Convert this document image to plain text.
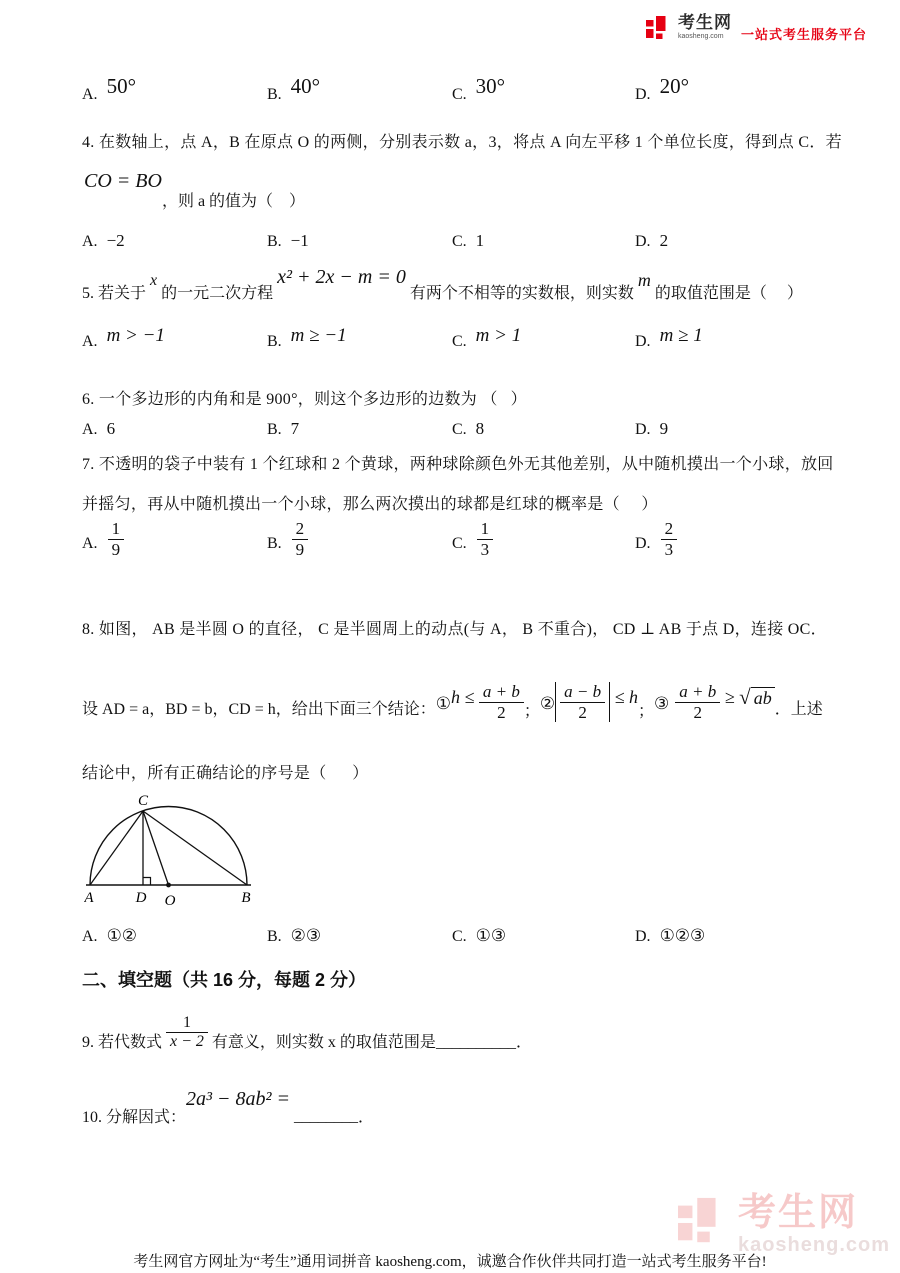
考生网
kaosheng.com	一站式考生服务平台
A. 50°	B. 40°	C. 30°	D. 20°
4. 在数轴上，点 A，B 在原点 O 的两侧，分别表示数 a，3，将点 A 向左平移 1 个单位长度，得到点 C．若
CO = BO
，则 a 的值为（    ）
A. −2	B. −1	C. 1	D. 2
5. 若关于
x
的一元二次方程
x² + 2x − m = 0
有两个不相等的实数根，则实数
m
的取值范围是（     ）
A. m > −1	B. m ≥ −1	C. m > 1	D. m ≥ 1
6. 一个多边形的内角和是 900°，则这个多边形的边数为 （   ）
A. 6	B. 7	C. 8	D. 9
7. 不透明的袋子中装有 1 个红球和 2 个黄球，两种球除颜色外无其他差别，从中随机摸出一个小球，放回
并摇匀，再从中随机摸出一个小球，那么两次摸出的球都是红球的概率是（     ）
A. $\frac{1}{9}$	B. $\frac{2}{9}$	C. $\frac{1}{3}$	D. $\frac{2}{3}$
8. 如图， AB 是半圆 O 的直径， C 是半圆周上的动点(与 A， B 不重合)， CD ⊥ AB 于点 D，连接 OC．
设 AD = a，BD = b，CD = h，给出下面三个结论： ① $h \le \frac{a + b}{2}$ ； ② $\frac{a - b}{2} \le h$
； ③ $\frac{a + b}{2}$ ≥ √ ab
．上述
结论中，所有正确结论的序号是（      ）
C
A	D O	B
A. ①②	B. ②③	C. ①③	D. ①②③
二、填空题（共 16 分，每题 2 分）
9. 若代数式 $\frac{1}{x - 2}$ 有意义，则实数 x 的取值范围是 __________ ．
10. 分解因式：
2a³ − 8ab² =
________ ．
考生网官方网址为“考生”通用词拼音 kaosheng.com，诚邀合作伙伴共同打造一站式考生服务平台!
考生网
kaosheng.com
